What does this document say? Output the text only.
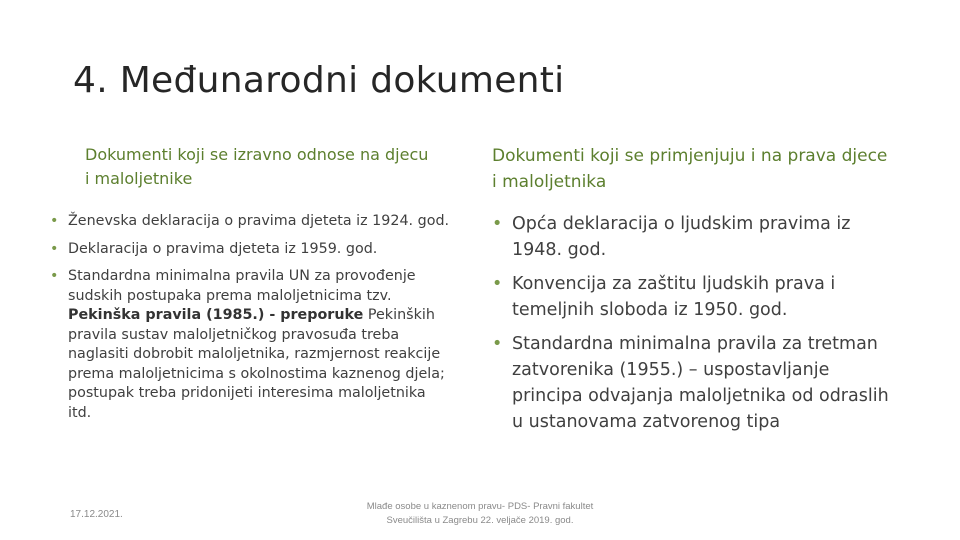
4. Međunarodni dokumenti
Dokumenti koji se izravno odnose na djecu i maloljetnike
Dokumenti koji se primjenjuju i na prava djece i maloljetnika
• Ženevska deklaracija o pravima djeteta iz 1924. god.
• Deklaracija o pravima djeteta iz 1959. god.
• Standardna minimalna pravila UN za provođenje sudskih postupaka prema maloljetnicima tzv. Pekinška pravila (1985.) - preporuke Pekinških pravila sustav maloljetničkog pravosuđa treba naglasiti dobrobit maloljetnika, razmjernost reakcije prema maloljetnicima s okolnostima kaznenog djela; postupak treba pridonijeti interesima maloljetnika itd.
• Opća deklaracija o ljudskim pravima iz 1948. god.
• Konvencija za zaštitu ljudskih prava i temeljnih sloboda iz 1950. god.
• Standardna minimalna pravila za tretman zatvorenika (1955.) – uspostavljanje principa odvajanja maloljetnika od odraslih u ustanovama zatvorenog tipa
17.12.2021.
Mlađe osobe u kaznenom pravu- PDS- Pravni fakultet
Sveučilišta u Zagrebu 22. veljače 2019. god.
